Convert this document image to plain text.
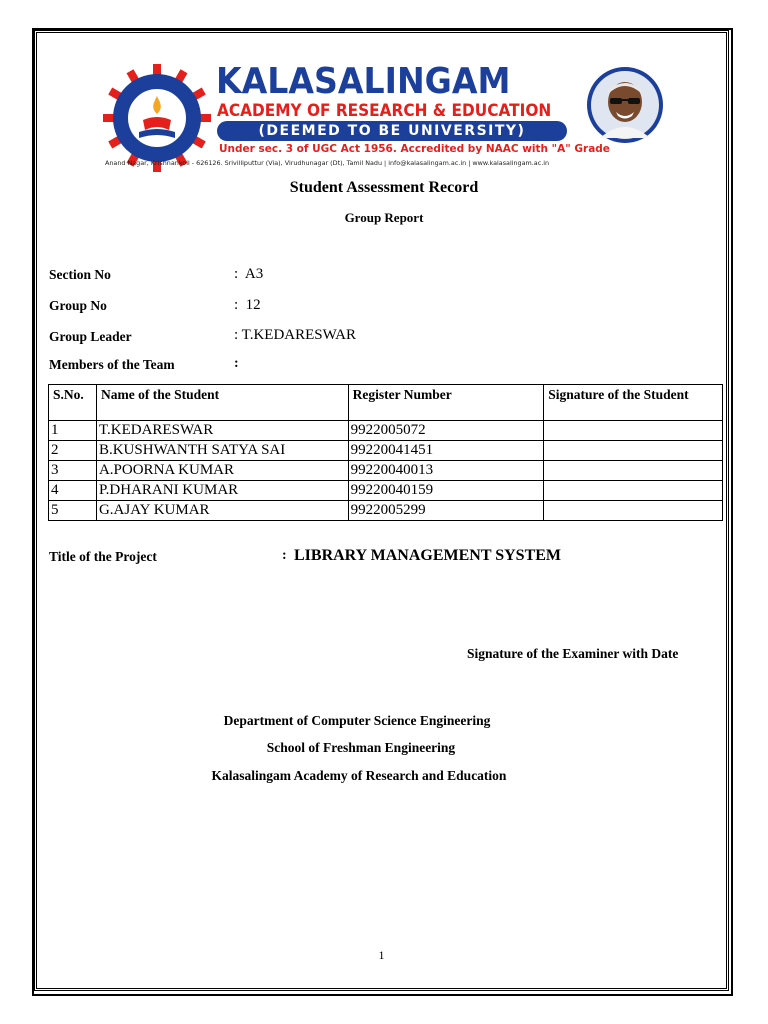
KALASALINGAM
ACADEMY OF RESEARCH & EDUCATION
(DEEMED TO BE UNIVERSITY)
Under sec. 3 of UGC Act 1956. Accredited by NAAC with "A" Grade
Anand Nagar, Krishnankoil - 626126. Srivilliputtur (Via), Virudhunagar (Dt), Tamil Nadu | info@kalasalingam.ac.in | www.kalasalingam.ac.in
Student Assessment Record
Group Report
Section No	: A3
Group No	: 12
Group Leader	: T.KEDARESWAR
Members of the Team	:
S.No.	Name of the Student	Register Number	Signature of the Student
1	T.KEDARESWAR	9922005072	
2	B.KUSHWANTH SATYA SAI	99220041451	
3	A.POORNA KUMAR	99220040013	
4	P.DHARANI KUMAR	99220040159	
5	G.AJAY KUMAR	9922005299	
Title of the Project	: LIBRARY MANAGEMENT SYSTEM
Signature of the Examiner with Date
Department of Computer Science Engineering
School of Freshman Engineering
Kalasalingam Academy of Research and Education
1
